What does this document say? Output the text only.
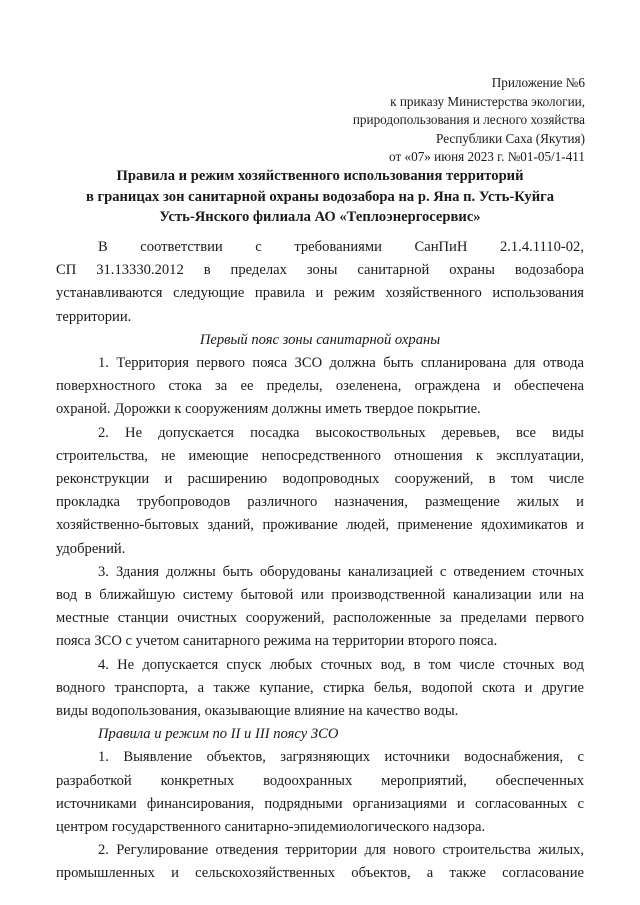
Приложение №6
к приказу Министерства экологии,
природопользования и лесного хозяйства
Республики Саха (Якутия)
от «07» июня 2023 г. №01-05/1-411
Правила и режим хозяйственного использования территорий
в границах зон санитарной охраны водозабора на р. Яна п. Усть-Куйга
Усть-Янского филиала АО «Теплоэнергосервис»
В соответствии с требованиями СанПиН 2.1.4.1110-02,
СП 31.13330.2012 в пределах зоны санитарной охраны водозабора
устанавливаются следующие правила и режим хозяйственного использования
территории.

Первый пояс зоны санитарной охраны

1. Территория первого пояса ЗСО должна быть спланирована для отвода
поверхностного стока за ее пределы, озеленена, ограждена и обеспечена
охраной. Дорожки к сооружениям должны иметь твердое покрытие.
2. Не допускается посадка высокоствольных деревьев, все виды
строительства, не имеющие непосредственного отношения к эксплуатации,
реконструкции и расширению водопроводных сооружений, в том числе
прокладка трубопроводов различного назначения, размещение жилых и
хозяйственно-бытовых зданий, проживание людей, применение ядохимикатов и
удобрений.
3. Здания должны быть оборудованы канализацией с отведением сточных
вод в ближайшую систему бытовой или производственной канализации или на
местные станции очистных сооружений, расположенные за пределами первого
пояса ЗСО с учетом санитарного режима на территории второго пояса.
4. Не допускается спуск любых сточных вод, в том числе сточных вод
водного транспорта, а также купание, стирка белья, водопой скота и другие
виды водопользования, оказывающие влияние на качество воды.

Правила и режим по II и III поясу ЗСО

1. Выявление объектов, загрязняющих источники водоснабжения, с
разработкой конкретных водоохранных мероприятий, обеспеченных
источниками финансирования, подрядными организациями и согласованных с
центром государственного санитарно-эпидемиологического надзора.
2. Регулирование отведения территории для нового строительства жилых,
промышленных и сельскохозяйственных объектов, а также согласование
